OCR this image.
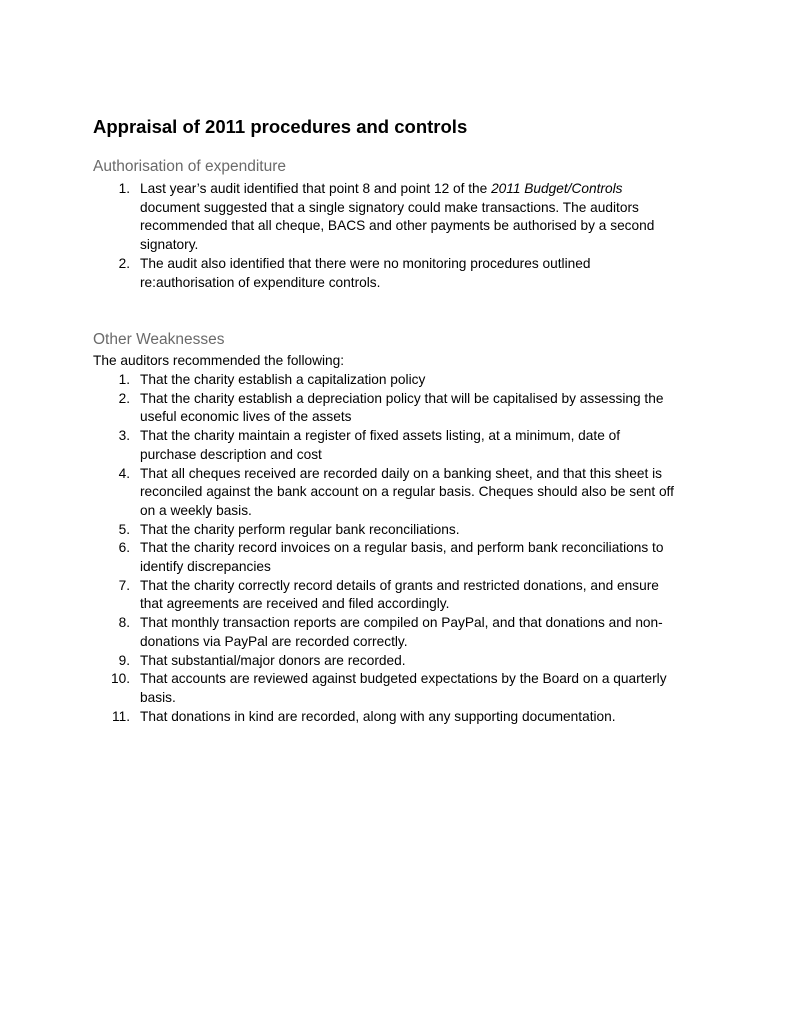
Appraisal of 2011 procedures and controls
Authorisation of expenditure
1. Last year’s audit identified that point 8 and point 12 of the 2011 Budget/Controls
document suggested that a single signatory could make transactions. The auditors
recommended that all cheque, BACS and other payments be authorised by a second
signatory.
2. The audit also identified that there were no monitoring procedures outlined
re:authorisation of expenditure controls.
Other Weaknesses

The auditors recommended the following:

1. That the charity establish a capitalization policy
2. That the charity establish a depreciation policy that will be capitalised by assessing the
useful economic lives of the assets
3. That the charity maintain a register of fixed assets listing, at a minimum, date of
purchase description and cost
4. That all cheques received are recorded daily on a banking sheet, and that this sheet is
reconciled against the bank account on a regular basis. Cheques should also be sent off
on a weekly basis.
5. That the charity perform regular bank reconciliations.
6. That the charity record invoices on a regular basis, and perform bank reconciliations to
identify discrepancies
7. That the charity correctly record details of grants and restricted donations, and ensure
that agreements are received and filed accordingly.
8. That monthly transaction reports are compiled on PayPal, and that donations and non-
donations via PayPal are recorded correctly.
9. That substantial/major donors are recorded.
10. That accounts are reviewed against budgeted expectations by the Board on a quarterly
basis.
11. That donations in kind are recorded, along with any supporting documentation.
